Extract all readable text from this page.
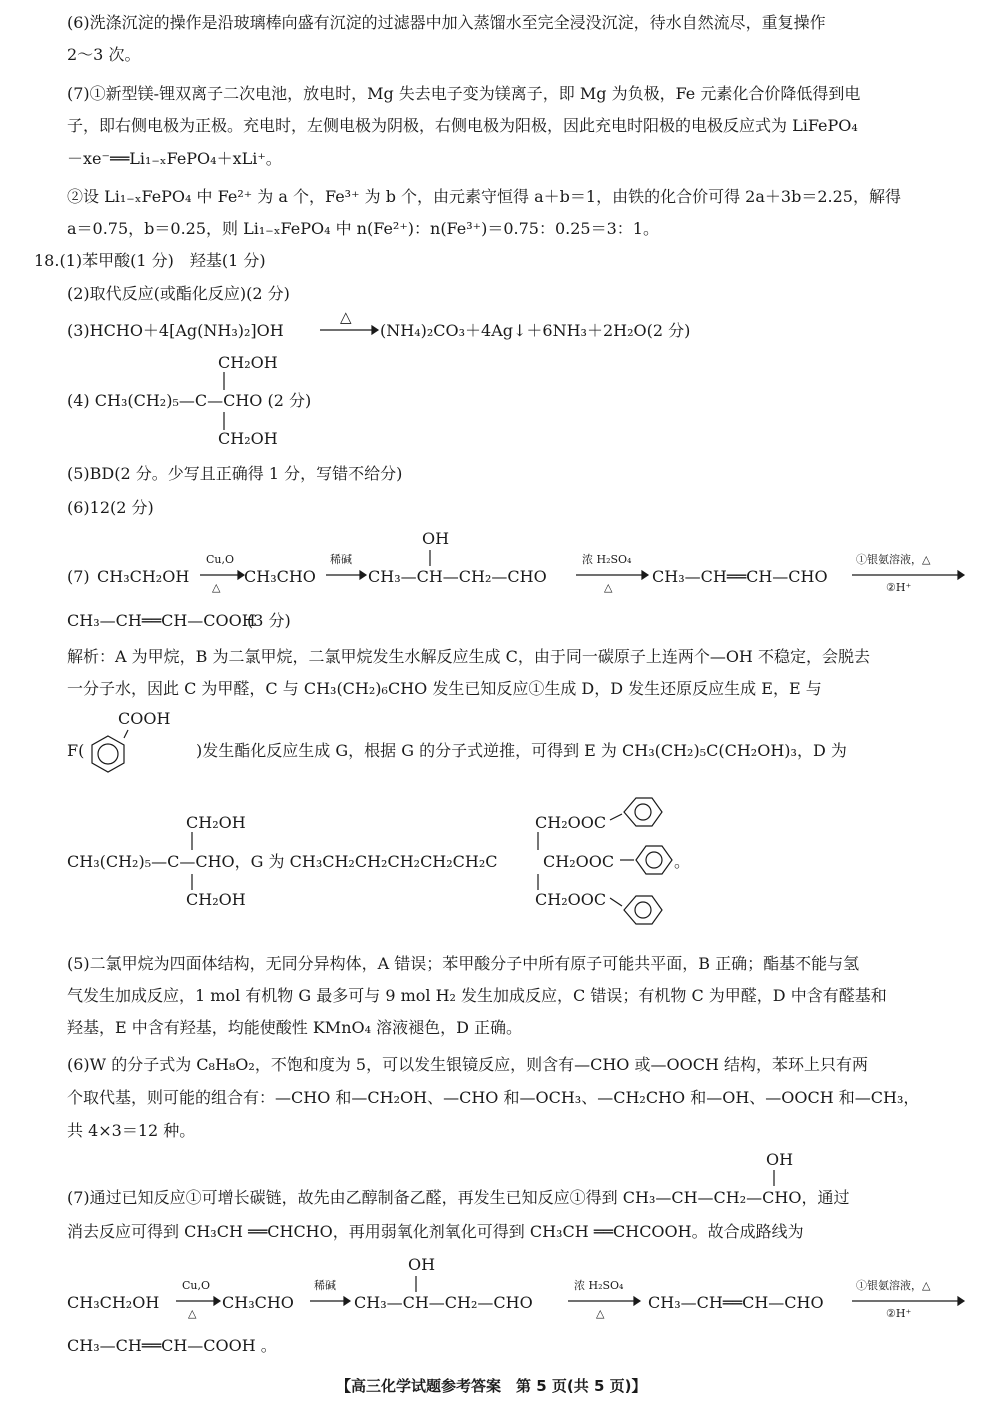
(6)洗涤沉淀的操作是沿玻璃棒向盛有沉淀的过滤器中加入蒸馏水至完全浸没沉淀，待水自然流尽，重复操作
2～3 次。
(7)①新型镁-锂双离子二次电池，放电时，Mg 失去电子变为镁离子，即 Mg 为负极，Fe 元素化合价降低得到电
子，即右侧电极为正极。充电时，左侧电极为阴极，右侧电极为阳极，因此充电时阳极的电极反应式为 LiFePO₄
－xe⁻══Li₁₋ₓFePO₄＋xLi⁺。
②设 Li₁₋ₓFePO₄ 中 Fe²⁺ 为 a 个，Fe³⁺ 为 b 个，由元素守恒得 a＋b＝1，由铁的化合价可得 2a＋3b＝2.25，解得
a＝0.75，b＝0.25，则 Li₁₋ₓFePO₄ 中 n(Fe²⁺)：n(Fe³⁺)＝0.75：0.25＝3：1。
18.(1)苯甲酸(1 分)　羟基(1 分)
(2)取代反应(或酯化反应)(2 分)
(3)HCHO＋4[Ag(NH₃)₂]OH
△
(NH₄)₂CO₃＋4Ag↓＋6NH₃＋2H₂O(2 分)
CH₂OH
(4) CH₃(CH₂)₅—C—CHO (2 分)
CH₂OH
(5)BD(2 分。少写且正确得 1 分，写错不给分)
(6)12(2 分)
OH
(7) CH₃CH₂OH
Cu,O
△
CH₃CHO
稀碱
CH₃—CH—CH₂—CHO
浓 H₂SO₄
△
CH₃—CH══CH—CHO
①银氨溶液，△
②H⁺
CH₃—CH══CH—COOH
(3 分)
解析：A 为甲烷，B 为二氯甲烷，二氯甲烷发生水解反应生成 C，由于同一碳原子上连两个—OH 不稳定，会脱去
一分子水，因此 C 为甲醛，C 与 CH₃(CH₂)₆CHO 发生已知反应①生成 D，D 发生还原反应生成 E，E 与
COOH
F(	)发生酯化反应生成 G，根据 G 的分子式逆推，可得到 E 为 CH₃(CH₂)₅C(CH₂OH)₃，D 为
CH₂OH
CH₃(CH₂)₅—C—CHO，G 为 CH₃CH₂CH₂CH₂CH₂CH₂C
CH₂OH
CH₂OOC
CH₂OOC
CH₂OOC
。
(5)二氯甲烷为四面体结构，无同分异构体，A 错误；苯甲酸分子中所有原子可能共平面，B 正确；酯基不能与氢
气发生加成反应，1 mol 有机物 G 最多可与 9 mol H₂ 发生加成反应，C 错误；有机物 C 为甲醛，D 中含有醛基和
羟基，E 中含有羟基，均能使酸性 KMnO₄ 溶液褪色，D 正确。
(6)W 的分子式为 C₈H₈O₂，不饱和度为 5，可以发生银镜反应，则含有—CHO 或—OOCH 结构，苯环上只有两
个取代基，则可能的组合有：—CHO 和—CH₂OH、—CHO 和—OCH₃、—CH₂CHO 和—OH、—OOCH 和—CH₃，
共 4×3＝12 种。
OH
(7)通过已知反应①可增长碳链，故先由乙醇制备乙醛，再发生已知反应①得到 CH₃—CH—CH₂—CHO，通过
消去反应可得到 CH₃CH ══CHCHO，再用弱氧化剂氧化可得到 CH₃CH ══CHCOOH。故合成路线为
OH
CH₃CH₂OH
Cu,O
△
CH₃CHO
稀碱
CH₃—CH—CH₂—CHO
浓 H₂SO₄
△
CH₃—CH══CH—CHO
①银氨溶液，△
②H⁺
CH₃—CH══CH—COOH 。
【高三化学试题参考答案　第 5 页(共 5 页)】
